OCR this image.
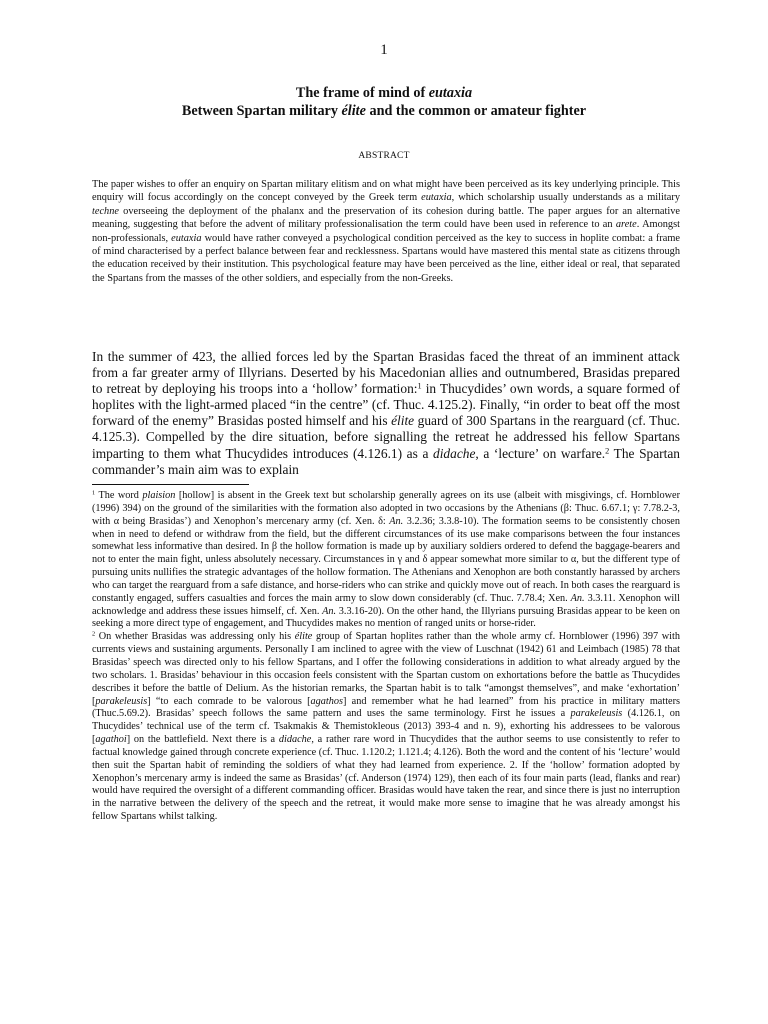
1
The frame of mind of eutaxia
Between Spartan military élite and the common or amateur fighter
ABSTRACT

The paper wishes to offer an enquiry on Spartan military elitism and on what might have been perceived as its key underlying principle. This enquiry will focus accordingly on the concept conveyed by the Greek term eutaxia, which scholarship usually understands as a military techne overseeing the deployment of the phalanx and the preservation of its cohesion during battle. The paper argues for an alternative meaning, suggesting that before the advent of military professionalisation the term could have been used in reference to an arete. Amongst non-professionals, eutaxia would have rather conveyed a psychological condition perceived as the key to success in hoplite combat: a frame of mind characterised by a perfect balance between fear and recklessness. Spartans would have mastered this mental state as citizens through the education received by their institution. This psychological feature may have been perceived as the line, either ideal or real, that separated the Spartans from the masses of the other soldiers, and especially from the non-Greeks.

In the summer of 423, the allied forces led by the Spartan Brasidas faced the threat of an imminent attack from a far greater army of Illyrians. Deserted by his Macedonian allies and outnumbered, Brasidas prepared to retreat by deploying his troops into a ‘hollow’ formation:$^1$ in Thucydides’ own words, a square formed of hoplites with the light-armed placed “in the centre” (cf. Thuc. 4.125.2). Finally, “in order to beat off the most forward of the enemy” Brasidas posted himself and his élite guard of 300 Spartans in the rearguard (cf. Thuc. 4.125.3). Compelled by the dire situation, before signalling the retreat he addressed his fellow Spartans imparting to them what Thucydides introduces (4.126.1) as a didache, a ‘lecture’ on warfare.$^2$ The Spartan commander’s main aim was to explain

$^1$ The word plaision [hollow] is absent in the Greek text but scholarship generally agrees on its use (albeit with misgivings, cf. Hornblower (1996) 394) on the ground of the similarities with the formation also adopted in two occasions by the Athenians (β: Thuc. 6.67.1; γ: 7.78.2-3, with α being Brasidas’) and Xenophon’s mercenary army (cf. Xen. δ: An. 3.2.36; 3.3.8-10). The formation seems to be consistently chosen when in need to defend or withdraw from the field, but the different circumstances of its use make comparisons between the four instances somewhat less informative than desired. In β the hollow formation is made up by auxiliary soldiers ordered to defend the baggage-bearers and not to enter the main fight, unless absolutely necessary. Circumstances in γ and δ appear somewhat more similar to α, but the different type of pursuing units nullifies the strategic advantages of the hollow formation. The Athenians and Xenophon are both constantly harassed by archers who can target the rearguard from a safe distance, and horse-riders who can strike and quickly move out of reach. In both cases the rearguard is constantly engaged, suffers casualties and forces the main army to slow down considerably (cf. Thuc. 7.78.4; Xen. An. 3.3.11. Xenophon will acknowledge and address these issues himself, cf. Xen. An. 3.3.16-20). On the other hand, the Illyrians pursuing Brasidas appear to be keen on seeking a more direct type of engagement, and Thucydides makes no mention of ranged units or horse-rider.

$^2$ On whether Brasidas was addressing only his élite group of Spartan hoplites rather than the whole army cf. Hornblower (1996) 397 with currents views and sustaining arguments. Personally I am inclined to agree with the view of Luschnat (1942) 61 and Leimbach (1985) 78 that Brasidas’ speech was directed only to his fellow Spartans, and I offer the following considerations in addition to what already argued by the two scholars. 1. Brasidas’ behaviour in this occasion feels consistent with the Spartan custom on exhortations before the battle as Thucydides describes it before the battle of Delium. As the historian remarks, the Spartan habit is to talk “amongst themselves”, and make ‘exhortation’ [parakeleusis] “to each comrade to be valorous [agathos] and remember what he had learned” from his practice in military matters (Thuc.5.69.2). Brasidas’ speech follows the same pattern and uses the same terminology. First he issues a parakeleusis (4.126.1, on Thucydides’ technical use of the term cf. Tsakmakis & Themistokleous (2013) 393-4 and n. 9), exhorting his addressees to be valorous [agathoi] on the battlefield. Next there is a didache, a rather rare word in Thucydides that the author seems to use consistently to refer to factual knowledge gained through concrete experience (cf. Thuc. 1.120.2; 1.121.4; 4.126). Both the word and the content of his ‘lecture’ would then suit the Spartan habit of reminding the soldiers of what they had learned from experience. 2. If the ‘hollow’ formation adopted by Xenophon’s mercenary army is indeed the same as Brasidas’ (cf. Anderson (1974) 129), then each of its four main parts (lead, flanks and rear) would have required the oversight of a different commanding officer. Brasidas would have taken the rear, and since there is just no interruption in the narrative between the delivery of the speech and the retreat, it would make more sense to imagine that he was already amongst his fellow Spartans whilst talking.
